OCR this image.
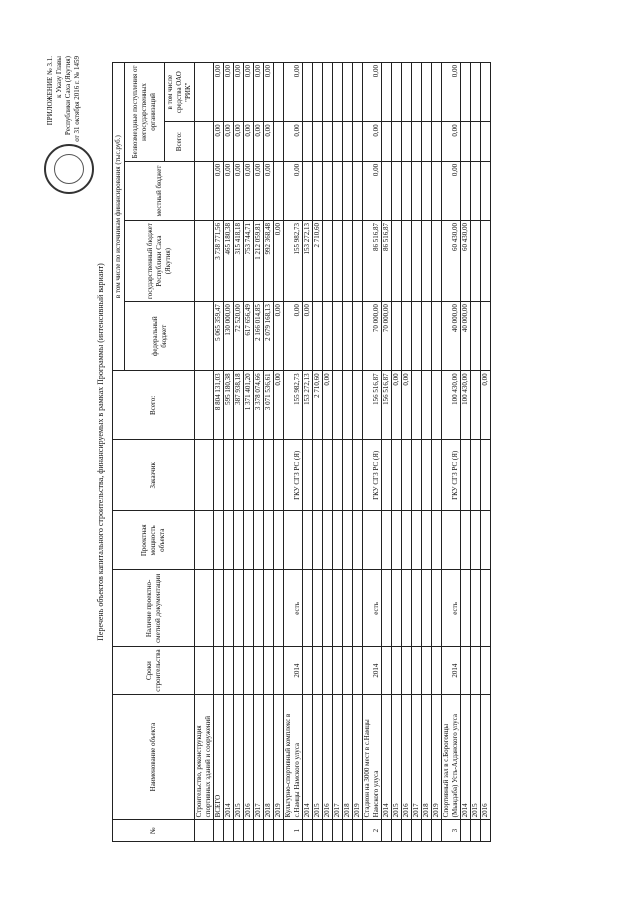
ПРИЛОЖЕНИЕ № 3.1. к Указу Главы Республики Саха (Якутия) от 31 октября 2016 г. № 1459
Перечень объектов капитального строительства, финансируемых в рамках Программы (интенсивный вариант)
№	Наименование объекта	Сроки строительства	Наличие проектно-сметной документации	Проектная мощность объекта	Заказчик	Всего:	в том числе по источникам финансирования (тыс.руб.)				
							федеральный бюджет	государственный бюджет Республики Саха (Якутия)	местный бюджет	Безвозмездные поступления от негосударственных организаций	
										Всего:	в том числе средства ОАО "РИК"
	Строительство, реконструкция спортивных зданий и сооружений										
	ВСЕГО					8 804 131,03	5 065 359,47	3 738 771,56	0,00	0,00	0,00
	2014					595 180,38	130 000,00	465 180,38	0,00	0,00	0,00
	2015					387 938,18	72 520,00	315 418,18	0,00	0,00	0,00
	2016					1 371 401,20	617 656,49	753 744,71	0,00	0,00	0,00
	2017					3 378 074,66	2 166 014,85	1 212 059,81	0,00	0,00	0,00
	2018					3 071 536,61	2 079 168,13	992 368,48	0,00	0,00	0,00
	2019					0,00	0,00	0,00			
1	Культурно-спортивный комплекс в с.Намцы Намского улуса	2014	есть		ГКУ СГЗ РС (Я)	155 982,73	0,00	155 982,73	0,00	0,00	0,00
	2014					153 272,13	0,00	153 272,13			
	2015					2 710,60		2 710,60			
	2016					0,00					
	2017										
	2018										
	2019										
2	Стадион на 3000 мест в с.Намцы Намского улуса	2014	есть		ГКУ СГЗ РС (Я)	156 516,87	70 000,00	86 516,87	0,00	0,00	0,00
	2014					156 516,87	70 000,00	86 516,87			
	2015					0,00					
	2016					0,00					
	2017										
	2018										
	2019										
3	Спортивный зал в с.Борогонцы (Мындаба) Усть-Алданского улуса	2014	есть		ГКУ СГЗ РС (Я)	100 430,00	40 000,00	60 430,00	0,00	0,00	0,00
	2014					100 430,00	40 000,00	60 430,00			
	2015										
	2016					0,00					
